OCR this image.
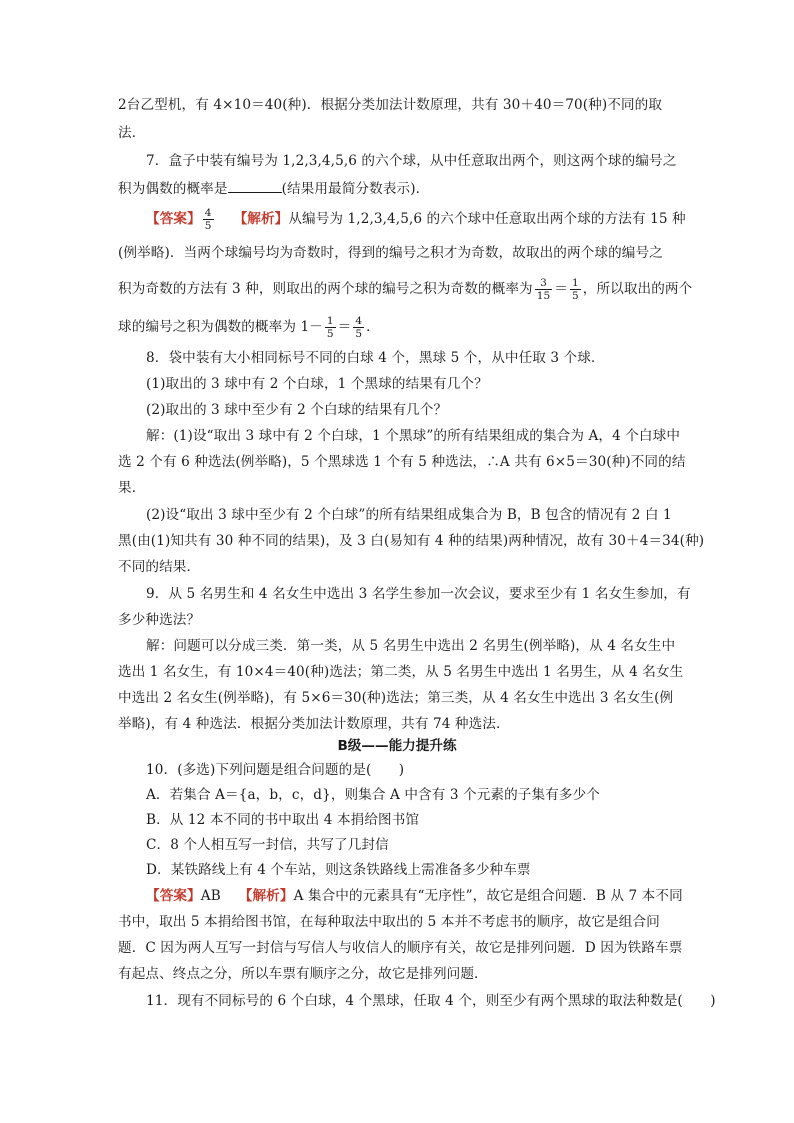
2台乙型机，有 4×10＝40(种)．根据分类加法计数原理，共有 30＋40＝70(种)不同的取
法．
7．盒子中装有编号为 1,2,3,4,5,6 的六个球，从中任意取出两个，则这两个球的编号之
积为偶数的概率是	(结果用最简分数表示)．
【答案】 $\frac{4}{5}$ 【解析】从编号为 1,2,3,4,5,6 的六个球中任意取出两个球的方法有 15 种
(例举略)．当两个球编号均为奇数时，得到的编号之积才为奇数，故取出的两个球的编号之
积为奇数的方法有 3 种，则取出的两个球的编号之积为奇数的概率为 $\frac{3}{15} = \frac{1}{5}$ ，所以取出的两个
球的编号之积为偶数的概率为 $1- \frac{1}{5} = \frac{4}{5}$ ．
8．袋中装有大小相同标号不同的白球 4 个，黑球 5 个，从中任取 3 个球．
(1)取出的 3 球中有 2 个白球，1 个黑球的结果有几个？
(2)取出的 3 球中至少有 2 个白球的结果有几个？
解：(1)设“取出 3 球中有 2 个白球，1 个黑球”的所有结果组成的集合为 A，4 个白球中
选 2 个有 6 种选法(例举略)，5 个黑球选 1 个有 5 种选法，∴A 共有 6×5＝30(种)不同的结
果．
(2)设“取出 3 球中至少有 2 个白球”的所有结果组成集合为 B，B 包含的情况有 2 白 1
黑(由(1)知共有 30 种不同的结果)，及 3 白(易知有 4 种的结果)两种情况，故有 30＋4＝34(种)
不同的结果．
9．从 5 名男生和 4 名女生中选出 3 名学生参加一次会议，要求至少有 1 名女生参加，有
多少种选法？
解：问题可以分成三类．第一类，从 5 名男生中选出 2 名男生(例举略)，从 4 名女生中
选出 1 名女生，有 10×4＝40(种)选法；第二类，从 5 名男生中选出 1 名男生，从 4 名女生
中选出 2 名女生(例举略)，有 5×6＝30(种)选法；第三类，从 4 名女生中选出 3 名女生(例
举略)，有 4 种选法．根据分类加法计数原理，共有 74 种选法．
B级——能力提升练
10．(多选)下列问题是组合问题的是(　　)
A．若集合 A＝{a，b，c，d}，则集合 A 中含有 3 个元素的子集有多少个
B．从 12 本不同的书中取出 4 本捐给图书馆
C．8 个人相互写一封信，共写了几封信
D．某铁路线上有 4 个车站，则这条铁路线上需准备多少种车票
【答案】AB 【解析】A 集合中的元素具有“无序性”，故它是组合问题．B 从 7 本不同
书中，取出 5 本捐给图书馆，在每种取法中取出的 5 本并不考虑书的顺序，故它是组合问
题．C 因为两人互写一封信与写信人与收信人的顺序有关，故它是排列问题．D 因为铁路车票
有起点、终点之分，所以车票有顺序之分，故它是排列问题．
11．现有不同标号的 6 个白球，4 个黑球，任取 4 个，则至少有两个黑球的取法种数是(　　)
